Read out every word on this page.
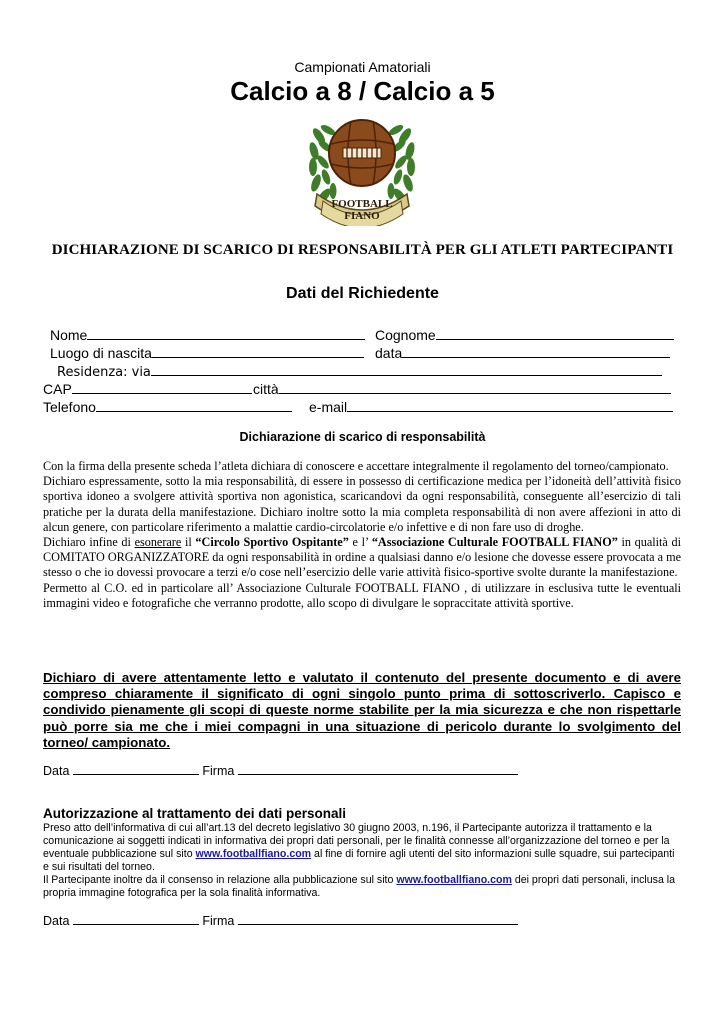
Campionati Amatoriali
Calcio a 8 / Calcio a 5
FOOTBALL
FIANO
DICHIARAZIONE DI SCARICO DI RESPONSABILITÀ PER GLI ATLETI PARTECIPANTI
Dati del Richiedente
Nome	Cognome
Luogo di nascita	data
Residenza: via
CAP	città
Telefono	e-mail
Dichiarazione di scarico di responsabilità

Con la firma della presente scheda l’atleta dichiara di conoscere e accettare integralmente il regolamento del torneo/campionato.

Dichiaro espressamente, sotto la mia responsabilità, di essere in possesso di certificazione medica per l’idoneità dell’attività fisico sportiva idoneo a svolgere attività sportiva non agonistica, scaricandovi da ogni responsabilità, conseguente all’esercizio di tali pratiche per la durata della manifestazione. Dichiaro inoltre sotto la mia completa responsabilità di non avere affezioni in atto di alcun genere, con particolare riferimento a malattie cardio-circolatorie e/o infettive e di non fare uso di droghe.

Dichiaro infine di esonerare il “Circolo Sportivo Ospitante” e l’ “Associazione Culturale FOOTBALL FIANO” in qualità di COMITATO ORGANIZZATORE da ogni responsabilità in ordine a qualsiasi danno e/o lesione che dovesse essere provocata a me stesso o che io dovessi provocare a terzi e/o cose nell’esercizio delle varie attività fisico-sportive svolte durante la manifestazione.

Permetto al C.O. ed in particolare all’ Associazione Culturale FOOTBALL FIANO , di utilizzare in esclusiva tutte le eventuali immagini video e fotografiche che verranno prodotte, allo scopo di divulgare le sopraccitate attività sportive.

Dichiaro di avere attentamente letto e valutato il contenuto del presente documento e di avere compreso chiaramente il significato di ogni singolo punto prima di sottoscriverlo. Capisco e condivido pienamente gli scopi di queste norme stabilite per la mia sicurezza e che non rispettarle può porre sia me che i miei compagni in una situazione di pericolo durante lo svolgimento del torneo/ campionato.
Data	Firma
Autorizzazione al trattamento dei dati personali

Preso atto dell’informativa di cui all’art.13 del decreto legislativo 30 giugno 2003, n.196, il Partecipante autorizza il trattamento e la comunicazione ai soggetti indicati in informativa dei propri dati personali, per le finalità connesse all’organizzazione del torneo e per la eventuale pubblicazione sul sito www.footballfiano.com al fine di fornire agli utenti del sito informazioni sulle squadre, sui partecipanti e sui risultati del torneo.

Il Partecipante inoltre da il consenso in relazione alla pubblicazione sul sito www.footballfiano.com dei propri dati personali, inclusa la propria immagine fotografica per la sola finalità informativa.

Data	Firma
